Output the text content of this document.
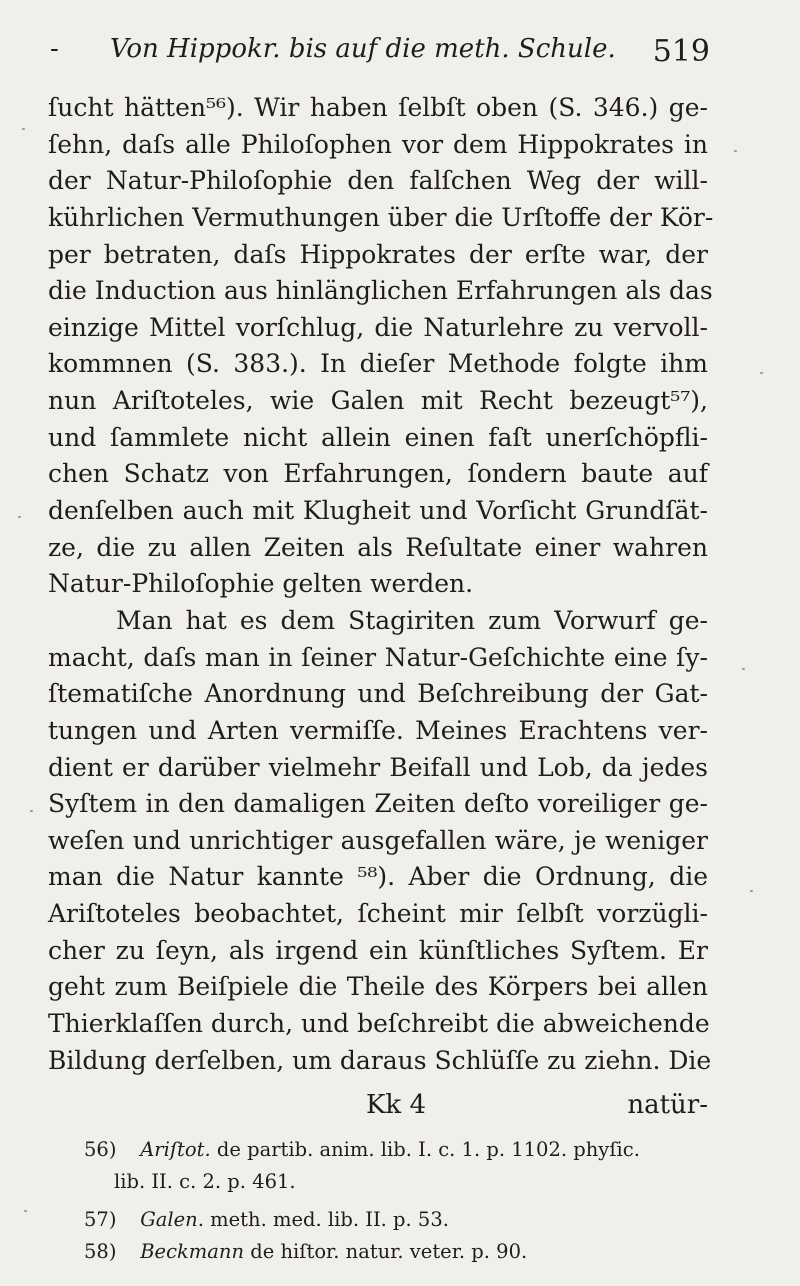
- Von Hippokr. bis auf die meth. Schule. 519
ſucht hätten⁵⁶). Wir haben ſelbſt oben (S. 346.) ge-
ſehn, daſs alle Philoſophen vor dem Hippokrates in
der Natur-Philoſophie den falſchen Weg der will-
kührlichen Vermuthungen über die Urſtoffe der Kör-
per betraten, daſs Hippokrates der erſte war, der
die Induction aus hinlänglichen Erfahrungen als das
einzige Mittel vorſchlug, die Naturlehre zu vervoll-
kommnen (S. 383.). In dieſer Methode folgte ihm
nun Ariſtoteles, wie Galen mit Recht bezeugt⁵⁷),
und ſammlete nicht allein einen faſt unerſchöpfli-
chen Schatz von Erfahrungen, ſondern baute auf
denſelben auch mit Klugheit und Vorſicht Grundſät-
ze, die zu allen Zeiten als Reſultate einer wahren
Natur-Philoſophie gelten werden.
Man hat es dem Stagiriten zum Vorwurf ge-
macht, daſs man in ſeiner Natur-Geſchichte eine ſy-
ſtematiſche Anordnung und Beſchreibung der Gat-
tungen und Arten vermiſſe. Meines Erachtens ver-
dient er darüber vielmehr Beifall und Lob, da jedes
Syſtem in den damaligen Zeiten deſto voreiliger ge-
weſen und unrichtiger ausgefallen wäre, je weniger
man die Natur kannte ⁵⁸). Aber die Ordnung, die
Ariſtoteles beobachtet, ſcheint mir ſelbſt vorzügli-
cher zu ſeyn, als irgend ein künſtliches Syſtem. Er
geht zum Beiſpiele die Theile des Körpers bei allen
Thierklaſſen durch, und beſchreibt die abweichende
Bildung derſelben, um daraus Schlüſſe zu ziehn. Die
Kk 4	natür-
56) Ariſtot. de partib. anim. lib. I. c. 1. p. 1102. phyſic.
lib. II. c. 2. p. 461.
57) Galen. meth. med. lib. II. p. 53.
58) Beckmann de hiſtor. natur. veter. p. 90.
